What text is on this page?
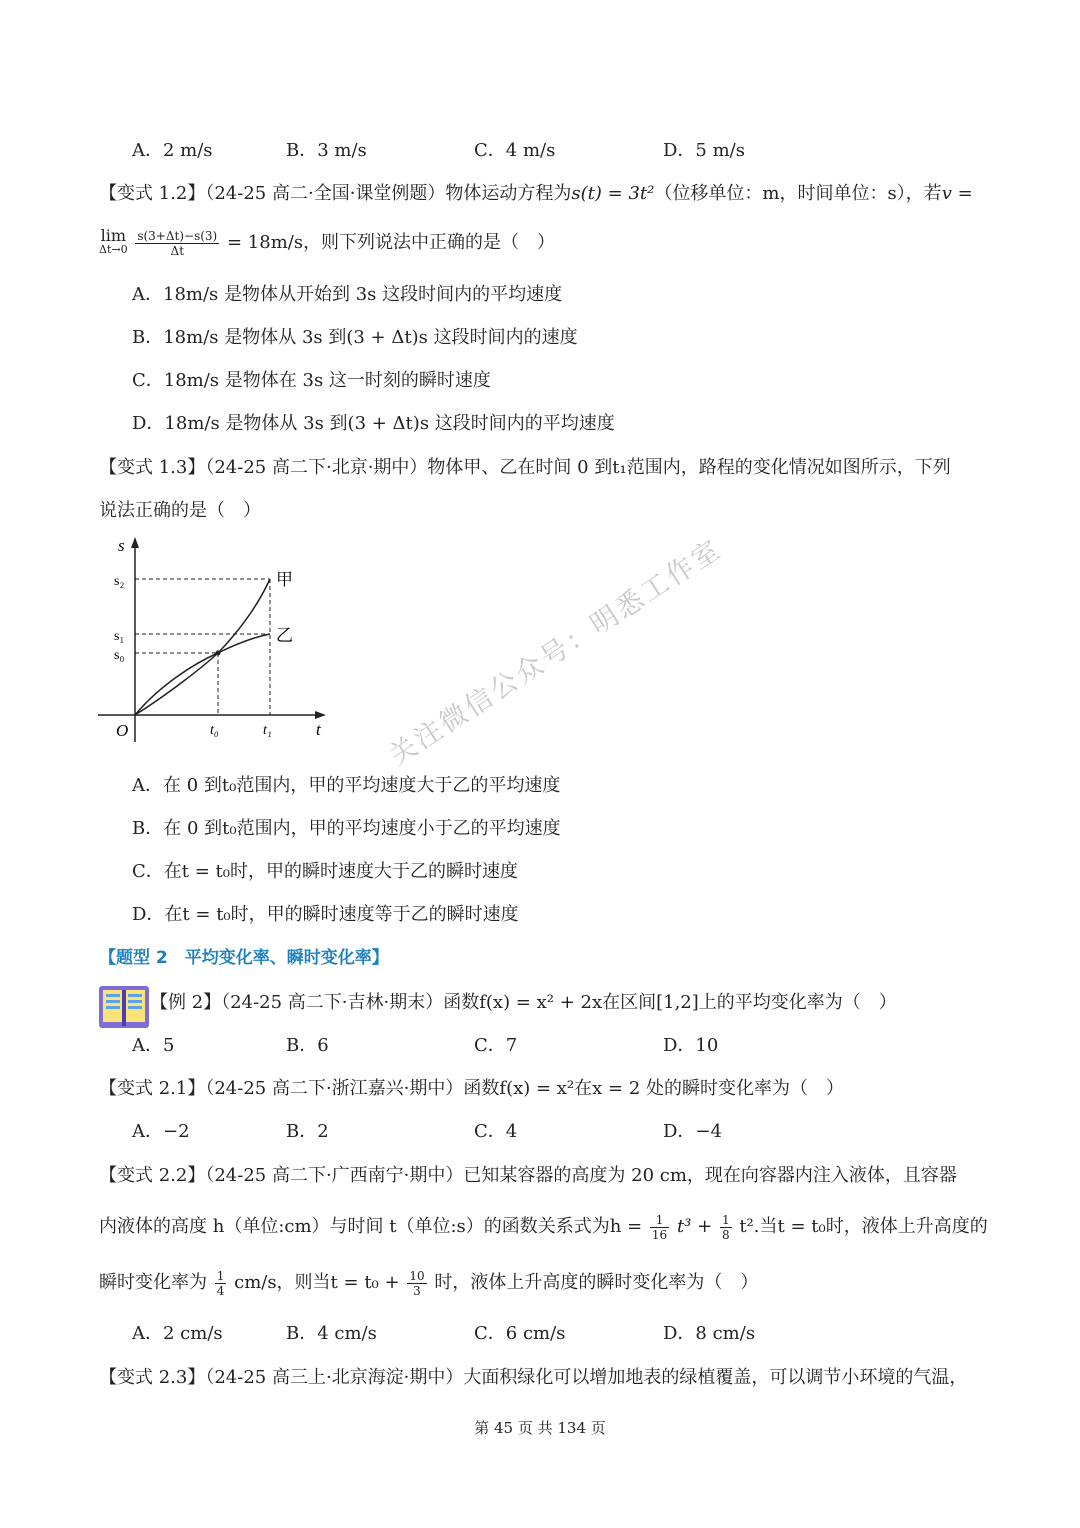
A．2 m/s	B．3 m/s	C．4 m/s	D．5 m/s
【变式 1.2】（24-25 高二·全国·课堂例题）物体运动方程为s(t) = 3t²（位移单位：m，时间单位：s），若v =
lim
Δt→0
$\frac{s(3+\Delta t)-s(3)}{\Delta t} = 18m/s$，则下列说法中正确的是（　）
A．18m/s 是物体从开始到 3s 这段时间内的平均速度
B．18m/s 是物体从 3s 到(3 + Δt)s 这段时间内的速度
C．18m/s 是物体在 3s 这一时刻的瞬时速度
D．18m/s 是物体从 3s 到(3 + Δt)s 这段时间内的平均速度
【变式 1.3】（24-25 高二下·北京·期中）物体甲、乙在时间 0 到t₁范围内，路程的变化情况如图所示，下列
说法正确的是（　）
s
t
O
s₂
s₁
s₀
t₀	t₁
甲
乙
A．在 0 到t₀范围内，甲的平均速度大于乙的平均速度
B．在 0 到t₀范围内，甲的平均速度小于乙的平均速度
C．在t = t₀时，甲的瞬时速度大于乙的瞬时速度
D．在t = t₀时，甲的瞬时速度等于乙的瞬时速度
【题型 2　平均变化率、瞬时变化率】
【例 2】（24-25 高二下·吉林·期末）函数f(x) = x² + 2x在区间[1,2]上的平均变化率为（　）
A．5	B．6	C．7	D．10
【变式 2.1】（24-25 高二下·浙江嘉兴·期中）函数f(x) = x²在x = 2 处的瞬时变化率为（　）
A．−2	B．2	C．4	D．−4
【变式 2.2】（24-25 高二下·广西南宁·期中）已知某容器的高度为 20 cm，现在向容器内注入液体，且容器
内液体的高度 h（单位:cm）与时间 t（单位:s）的函数关系式为$h = \frac{1}{16} t^3 + \frac{1}{8} t^2$.当t = t₀时，液体上升高度的
瞬时变化率为 $\frac{1}{4} cm/s$，则当$t = t_0 + \frac{10}{3}$ 时，液体上升高度的瞬时变化率为（　）
A．2 cm/s	B．4 cm/s	C．6 cm/s	D．8 cm/s
【变式 2.3】（24-25 高三上·北京海淀·期中）大面积绿化可以增加地表的绿植覆盖，可以调节小环境的气温，
第 45 页 共 134 页
关注微信公众号：明悉工作室
